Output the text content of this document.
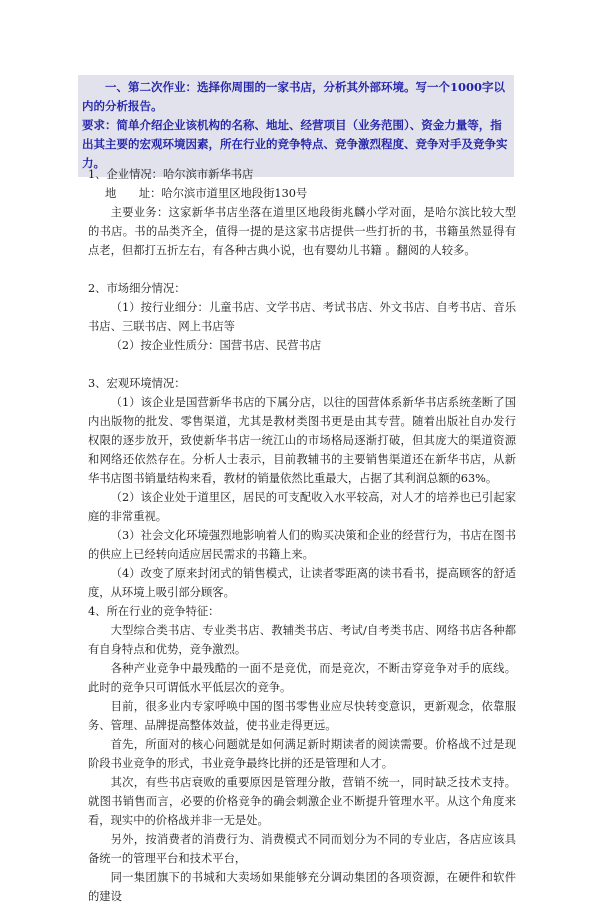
一、第二次作业：选择你周围的一家书店，分析其外部环境。写一个1000字以内的分析报告。

要求：简单介绍企业该机构的名称、地址、经营项目（业务范围）、资金力量等，指出其主要的宏观环境因素，所在行业的竞争特点、竞争激烈程度、竞争对手及竞争实力。

1、企业情况：哈尔滨市新华书店

地　　址：哈尔滨市道里区地段街130号

主要业务：这家新华书店坐落在道里区地段街兆麟小学对面，是哈尔滨比较大型的书店。书的品类齐全，值得一提的是这家书店提供一些打折的书，书籍虽然显得有点老，但都打五折左右，有各种古典小说，也有婴幼儿书籍 。翻阅的人较多。

2、市场细分情况：

（1）按行业细分：儿童书店、文学书店、考试书店、外文书店、自考书店、音乐书店、三联书店、网上书店等

（2）按企业性质分：国营书店、民营书店

3、宏观环境情况：

（1）该企业是国营新华书店的下属分店，以往的国营体系新华书店系统垄断了国内出版物的批发、零售渠道，尤其是教材类图书更是由其专营。随着出版社自办发行权限的逐步放开，致使新华书店一统江山的市场格局逐渐打破，但其庞大的渠道资源和网络还依然存在。分析人士表示，目前教辅书的主要销售渠道还在新华书店，从新华书店图书销量结构来看，教材的销量依然比重最大，占据了其利润总额的63%。

（2）该企业处于道里区，居民的可支配收入水平较高，对人才的培养也已引起家庭的非常重视。

（3）社会文化环境强烈地影响着人们的购买决策和企业的经营行为，书店在图书的供应上已经转向适应居民需求的书籍上来。

（4）改变了原来封闭式的销售模式，让读者零距离的读书看书，提高顾客的舒适度，从环境上吸引部分顾客。

4、所在行业的竞争特征：

大型综合类书店、专业类书店、教辅类书店、考试/自考类书店、网络书店各种都有自身特点和优势，竞争激烈。

各种产业竞争中最残酷的一面不是竞优，而是竞次，不断击穿竞争对手的底线。此时的竞争只可谓低水平低层次的竞争。

目前，很多业内专家呼唤中国的图书零售业应尽快转变意识，更新观念，依靠服务、管理、品牌提高整体效益，使书业走得更远。

首先，所面对的核心问题就是如何满足新时期读者的阅读需要。价格战不过是现阶段书业竞争的形式，书业竞争最终比拼的还是管理和人才。

其次，有些书店衰败的重要原因是管理分散，营销不统一，同时缺乏技术支持。就图书销售而言，必要的价格竞争的确会刺激企业不断提升管理水平。从这个角度来看，现实中的价格战并非一无是处。

另外，按消费者的消费行为、消费模式不同而划分为不同的专业店，各店应该具备统一的管理平台和技术平台，

同一集团旗下的书城和大卖场如果能够充分调动集团的各项资源，在硬件和软件的建设
